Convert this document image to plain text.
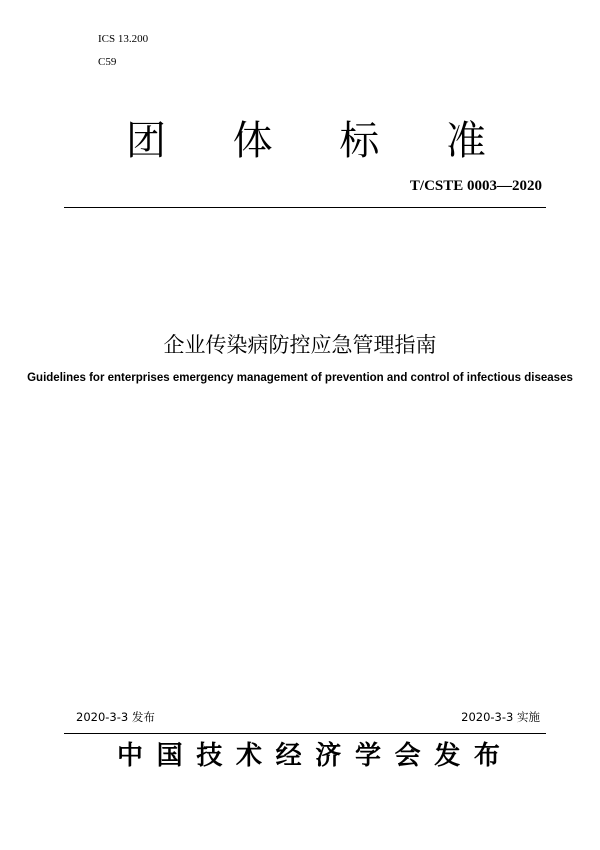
ICS 13.200
C59
团 体 标 准
T/CSTE 0003—2020
企业传染病防控应急管理指南
Guidelines for enterprises emergency management of prevention and control of infectious diseases
2020-3-3 发布	2020-3-3 实施
中 国 技 术 经 济 学 会 发 布
